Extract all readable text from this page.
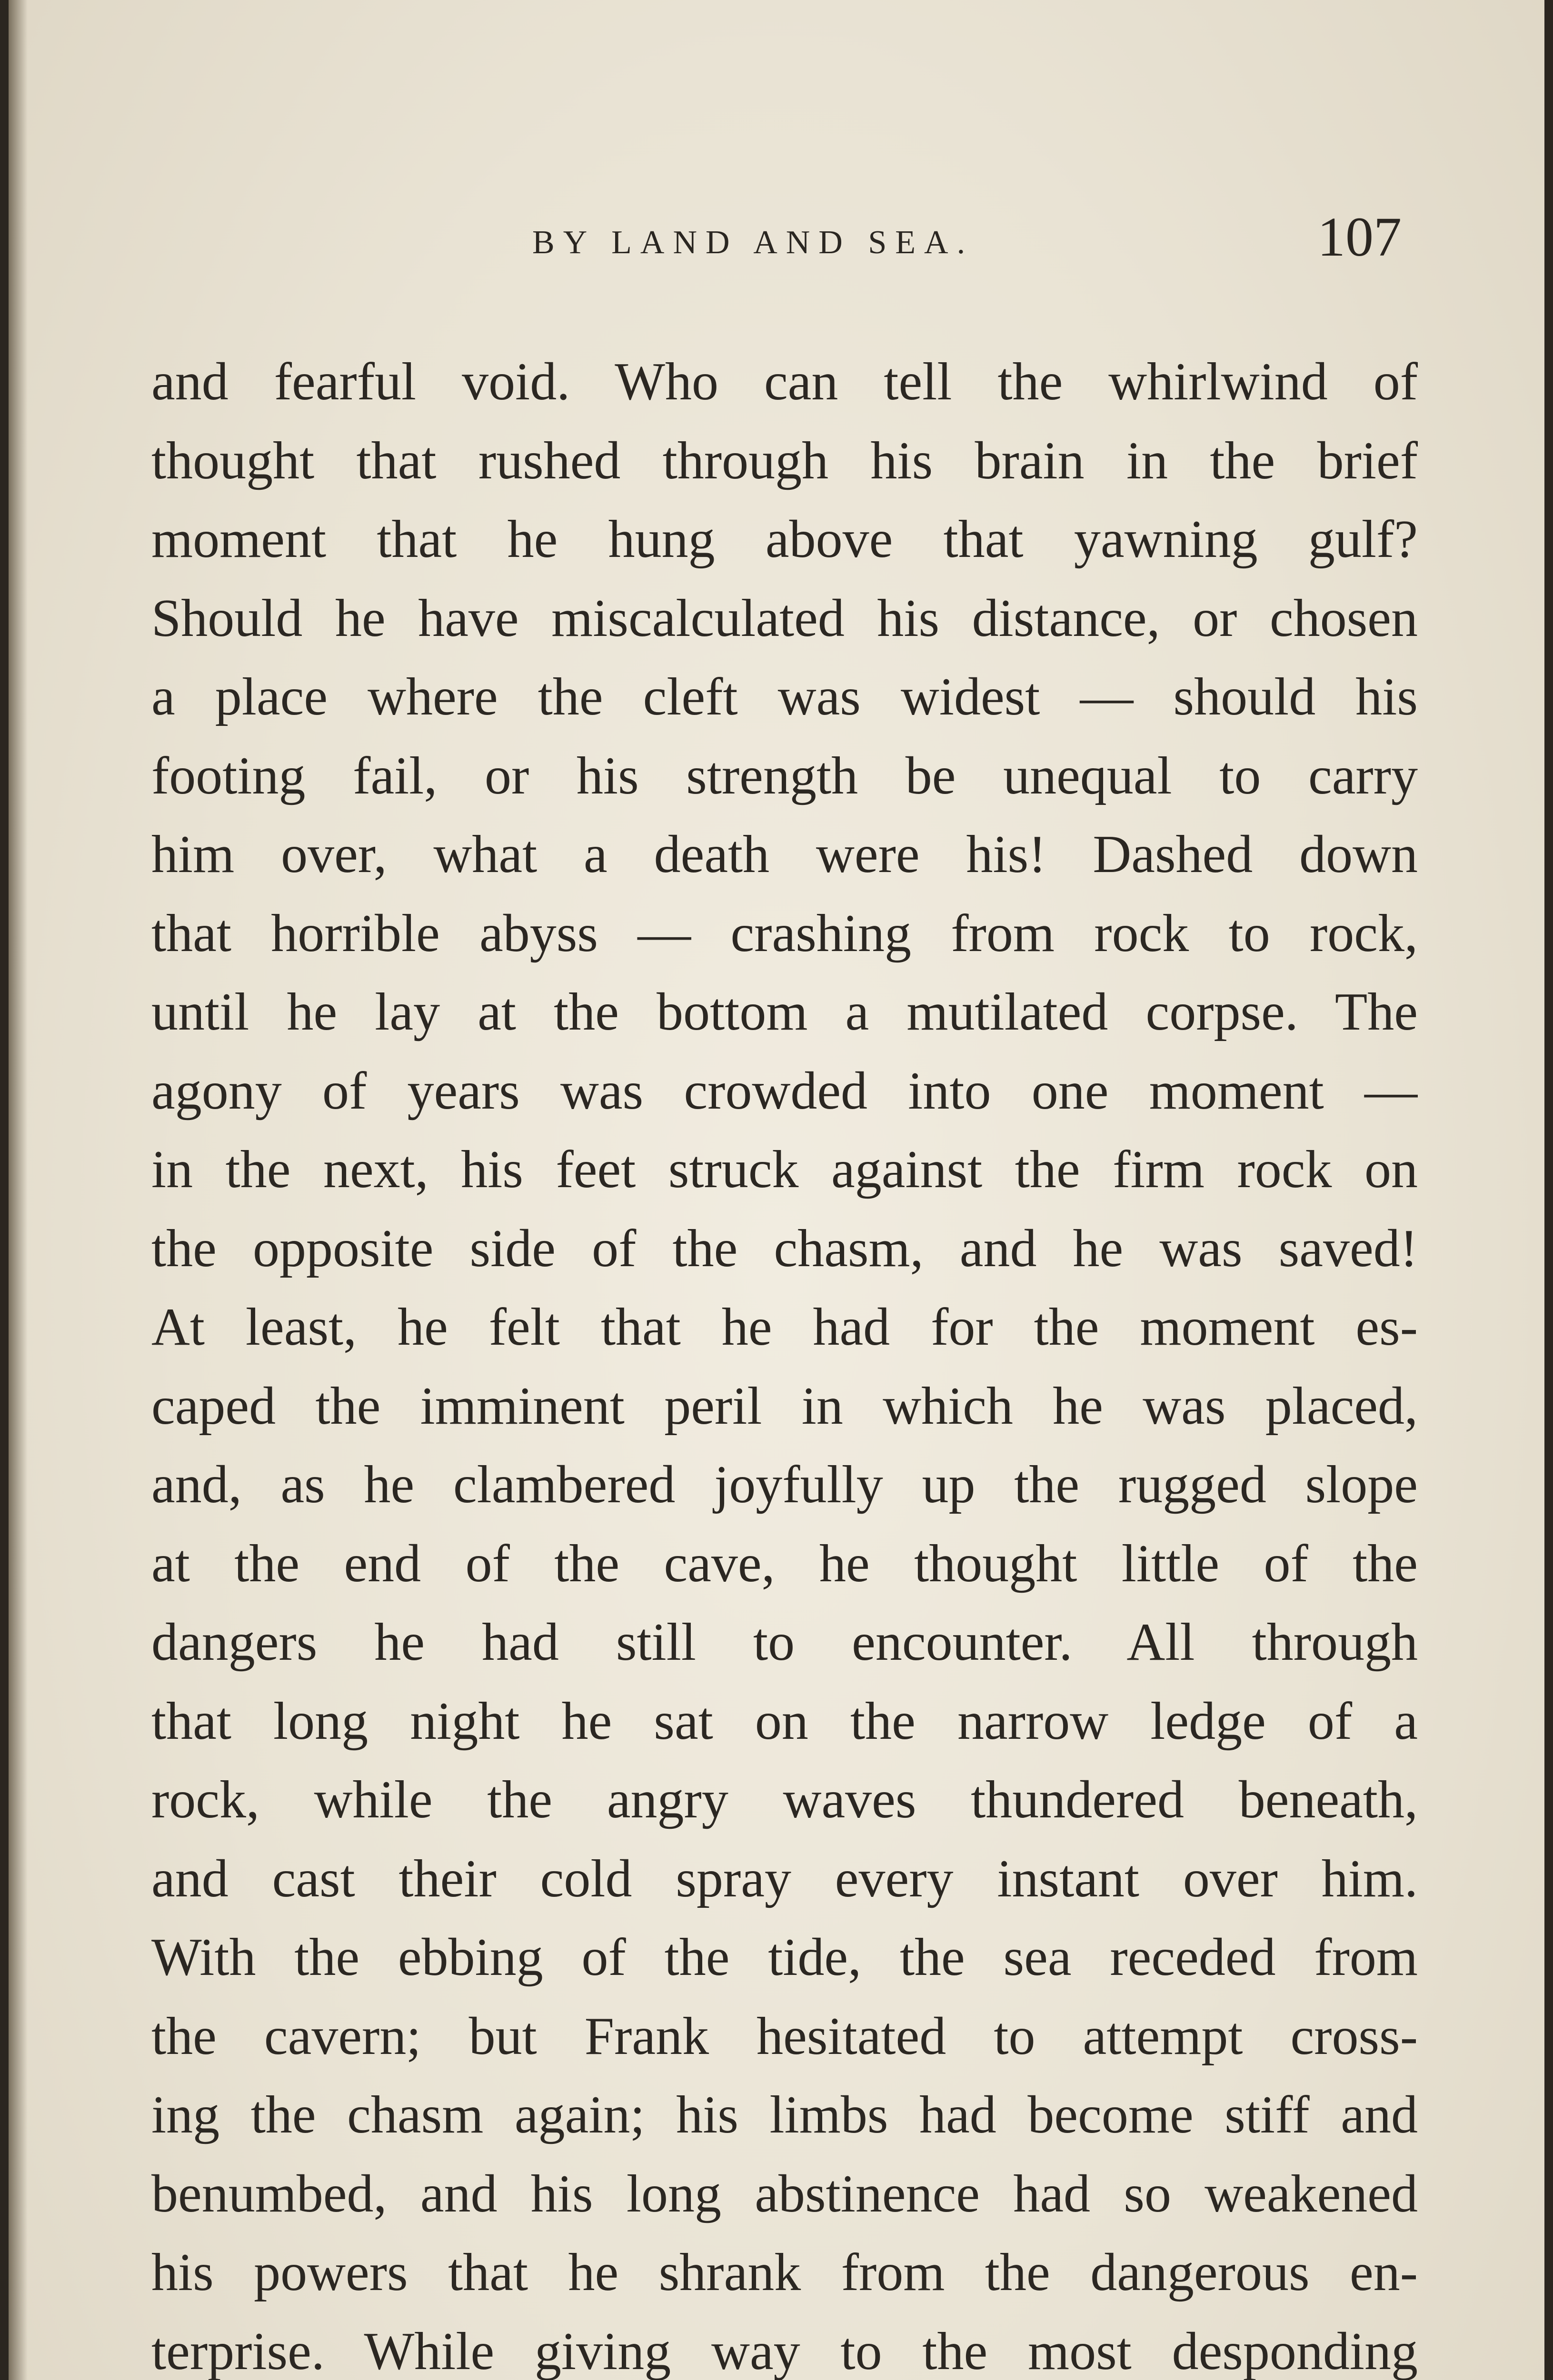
BY LAND AND SEA.	107
and fearful void. Who can tell the whirlwind of
thought that rushed through his brain in the brief
moment that he hung above that yawning gulf?
Should he have miscalculated his distance, or chosen
a place where the cleft was widest — should his
footing fail, or his strength be unequal to carry
him over, what a death were his! Dashed down
that horrible abyss — crashing from rock to rock,
until he lay at the bottom a mutilated corpse. The
agony of years was crowded into one moment —
in the next, his feet struck against the firm rock on
the opposite side of the chasm, and he was saved!
At least, he felt that he had for the moment es-
caped the imminent peril in which he was placed,
and, as he clambered joyfully up the rugged slope
at the end of the cave, he thought little of the
dangers he had still to encounter. All through
that long night he sat on the narrow ledge of a
rock, while the angry waves thundered beneath,
and cast their cold spray every instant over him.
With the ebbing of the tide, the sea receded from
the cavern; but Frank hesitated to attempt cross-
ing the chasm again; his limbs had become stiff and
benumbed, and his long abstinence had so weakened
his powers that he shrank from the dangerous en-
terprise. While giving way to the most desponding
